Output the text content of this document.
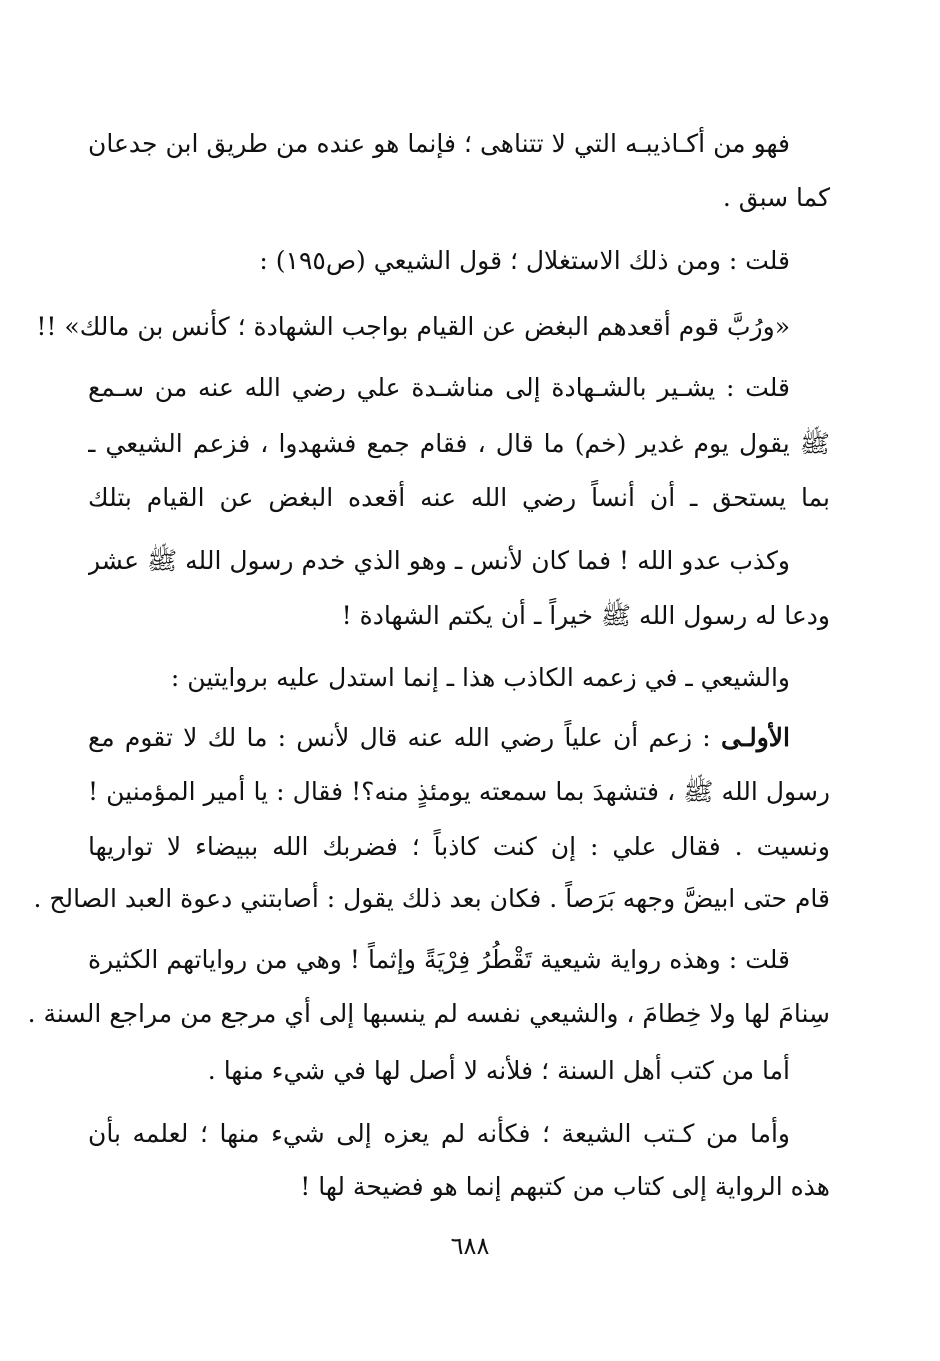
فهو من أكـاذيبـه التي لا تتناهى ؛ فإنما هو عنده من طريق ابن جدعان
كما سبق .
قلت : ومن ذلك الاستغلال ؛ قول الشيعي (ص١٩٥) :
«ورُبَّ قوم أقعدهم البغض عن القيام بواجب الشهادة ؛ كأنس بن مالك» !!
قلت : يشـير بالشـهادة إلى مناشـدة علي رضي الله عنه من سـمع
ﷺ يقول يوم غدير (خم) ما قال ، فقام جمع فشهدوا ، فزعم الشيعي ـ
بما يستحق ـ أن أنساً رضي الله عنه أقعده البغض عن القيام بتلك
وكذب عدو الله ! فما كان لأنس ـ وهو الذي خدم رسول الله ﷺ عشر
ودعا له رسول الله ﷺ خيراً ـ أن يكتم الشهادة !
والشيعي ـ في زعمه الكاذب هذا ـ إنما استدل عليه بروايتين :
الأولـى : زعم أن علياً رضي الله عنه قال لأنس : ما لك لا تقوم مع
رسول الله ﷺ ، فتشهدَ بما سمعته يومئذٍ منه؟! فقال : يا أمير المؤمنين !
ونسيت . فقال علي : إن كنت كاذباً ؛ فضربك الله ببيضاء لا تواريها
قام حتى ابيضَّ وجهه بَرَصاً . فكان بعد ذلك يقول : أصابتني دعوة العبد الصالح .
قلت : وهذه رواية شيعية تَقْطُرُ فِرْيَةً وإثماً ! وهي من رواياتهم الكثيرة
سِنامَ لها ولا خِطامَ ، والشيعي نفسه لم ينسبها إلى أي مرجع من مراجع السنة .
أما من كتب أهل السنة ؛ فلأنه لا أصل لها في شيء منها .
وأما من كـتب الشيعة ؛ فكأنه لم يعزه إلى شيء منها ؛ لعلمه بأن
هذه الرواية إلى كتاب من كتبهم إنما هو فضيحة لها !
٦٨٨
